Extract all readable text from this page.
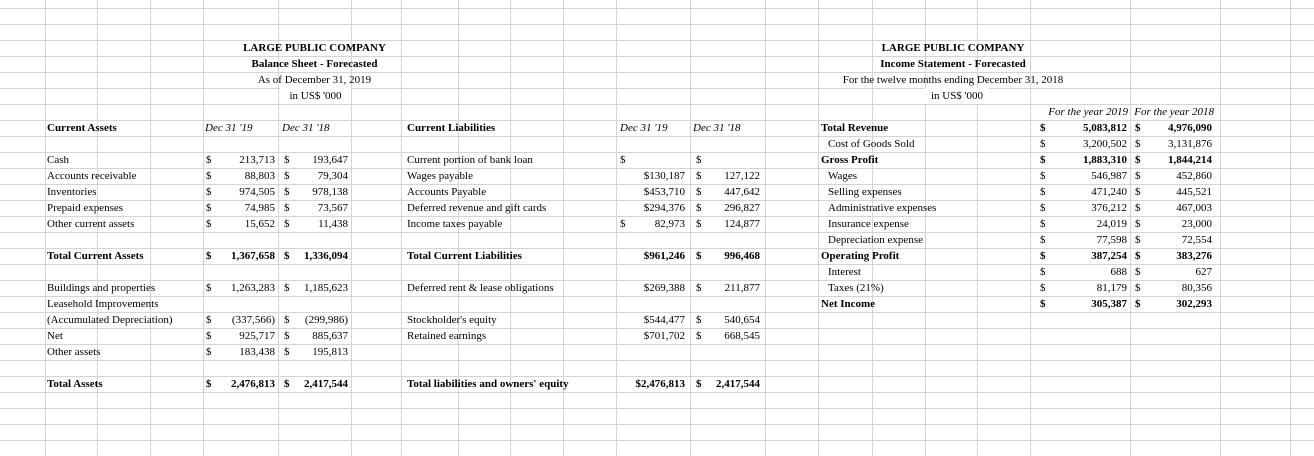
LARGE PUBLIC COMPANY
Balance Sheet - Forecasted
As of December 31, 2019
in US$ '000
LARGE PUBLIC COMPANY
Income Statement - Forecasted
For the twelve months ending December 31, 2018
in US$ '000
Current Assets	Dec 31 '19	Dec 31 '18
Cash	$	213,713 $	193,647
Accounts receivable	$	88,803 $	79,304
Inventories	$	974,505 $	978,138
Prepaid expenses	$	74,985 $	73,567
Other current assets	$	15,652 $	11,438
Total Current Assets	$	1,367,658 $	1,336,094
Buildings and properties	$	1,263,283 $	1,185,623
Leasehold Improvements
(Accumulated Depreciation)	$	(337,566) $	(299,986)
Net	$	925,717 $	885,637
Other assets	$	183,438 $	195,813
Total Assets	$	2,476,813 $	2,417,544
Current Liabilities	Dec 31 '19	Dec 31 '18
Current portion of bank loan	$	$
Wages payable	$130,187 $	127,122
Accounts Payable	$453,710 $	447,642
Deferred revenue and gift cards	$294,376 $	296,827
Income taxes payable	$	82,973 $	124,877
Total Current Liabilities	$961,246 $	996,468
Deferred rent & lease obligations	$269,388 $	211,877
Stockholder's equity	$544,477 $	540,654
Retained earnings	$701,702 $	668,545
Total liabilities and owners' equity	$2,476,813 $	2,417,544
For the year 2019 For the year 2018
Total Revenue	$	5,083,812 $	4,976,090
Cost of Goods Sold	$	3,200,502 $	3,131,876
Gross Profit	$	1,883,310 $	1,844,214
Wages	$	546,987 $	452,860
Selling expenses	$	471,240 $	445,521
Administrative expenses	$	376,212 $	467,003
Insurance expense	$	24,019 $	23,000
Depreciation expense	$	77,598 $	72,554
Operating Profit	$	387,254 $	383,276
Interest	$	688 $	627
Taxes (21%)	$	81,179 $	80,356
Net Income	$	305,387 $	302,293
